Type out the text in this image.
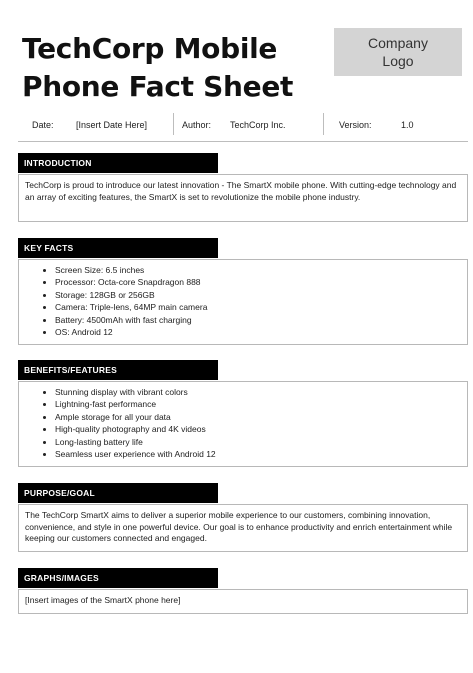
TechCorp Mobile Phone Fact Sheet
Company Logo
Date: [Insert Date Here]	Author: TechCorp Inc.	Version:	1.0
INTRODUCTION

TechCorp is proud to introduce our latest innovation - The SmartX mobile phone. With cutting-edge technology and an array of exciting features, the SmartX is set to revolutionize the mobile phone industry.

KEY FACTS
• Screen Size: 6.5 inches
• Processor: Octa-core Snapdragon 888
• Storage: 128GB or 256GB
• Camera: Triple-lens, 64MP main camera
• Battery: 4500mAh with fast charging
• OS: Android 12
BENEFITS/FEATURES
• Stunning display with vibrant colors
• Lightning-fast performance
• Ample storage for all your data
• High-quality photography and 4K videos
• Long-lasting battery life
• Seamless user experience with Android 12
PURPOSE/GOAL

The TechCorp SmartX aims to deliver a superior mobile experience to our customers, combining innovation, convenience, and style in one powerful device. Our goal is to enhance productivity and enrich entertainment while keeping our customers connected and engaged.

GRAPHS/IMAGES

[Insert images of the SmartX phone here]
